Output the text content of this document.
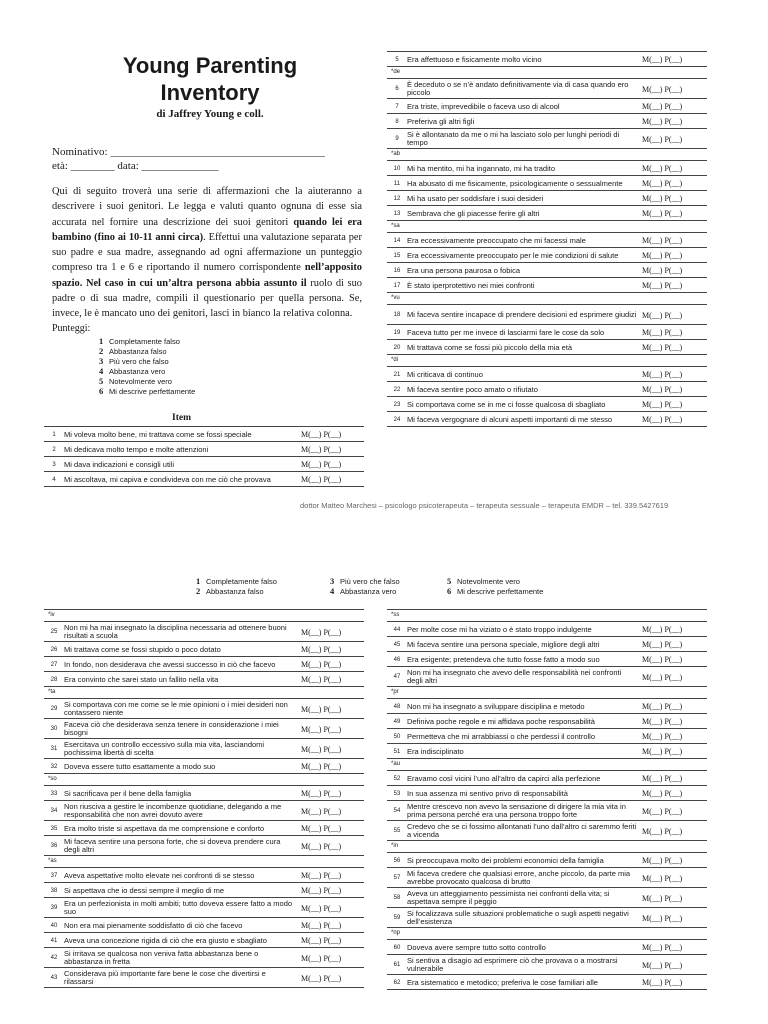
Young Parenting
Inventory
di Jaffrey Young e coll.
Nominativo: _______________________________________
età: ________ data: ______________
Qui di seguito troverà una serie di affermazioni che la aiuteranno a descrivere i suoi genitori. Le legga e valuti quanto ognuna di esse sia accurata nel fornire una descrizione dei suoi genitori quando lei era bambino (fino ai 10-11 anni circa). Effettui una valutazione separata per suo padre e sua madre, assegnando ad ogni affermazione un punteggio compreso tra 1 e 6 e riportando il numero corrispondente nell’apposito spazio. Nel caso in cui un’altra persona abbia assunto il ruolo di suo padre o di sua madre, compili il questionario per quella persona. Se, invece, le è mancato uno dei genitori, lasci in bianco la relativa colonna.
Punteggi:
1 Completamente falso
2 Abbastanza falso
3 Più vero che falso
4 Abbastanza vero
5 Notevolmente vero
6 Mi descrive perfettamente
Item
1	Mi voleva molto bene, mi trattava come se fossi speciale	M(__) P(__)
2	Mi dedicava molto tempo e molte attenzioni	M(__) P(__)
3	Mi dava indicazioni e consigli utili	M(__) P(__)
4	Mi ascoltava, mi capiva e condivideva con me ciò che provava	M(__) P(__)
5	Era affettuoso e fisicamente molto vicino	M(__) P(__)
*de
6	È deceduto o se n’è andato definitivamente via di casa quando ero piccolo	M(__) P(__)
7	Era triste, imprevedibile o faceva uso di alcool	M(__) P(__)
8	Preferiva gli altri figli	M(__) P(__)
9	Si è allontanato da me o mi ha lasciato solo per lunghi periodi di tempo	M(__) P(__)
*ab
10 Mi ha mentito, mi ha ingannato, mi ha tradito	M(__) P(__)
11 Ha abusato di me fisicamente, psicologicamente o sessualmente	M(__) P(__)
12 Mi ha usato per soddisfare i suoi desideri	M(__) P(__)
13 Sembrava che gli piacesse ferire gli altri	M(__) P(__)
*sa
14 Era eccessivamente preoccupato che mi facessi male	M(__) P(__)
15 Era eccessivamente preoccupato per le mie condizioni di salute	M(__) P(__)
16 Era una persona paurosa o fobica	M(__) P(__)
17 È stato iperprotettivo nei miei confronti	M(__) P(__)
*vu
18 Mi faceva sentire incapace di prendere decisioni ed esprimere giudizi M(__) P(__)
19 Faceva tutto per me invece di lasciarmi fare le cose da solo	M(__) P(__)
20 Mi trattava come se fossi più piccolo della mia età	M(__) P(__)
*di
21 Mi criticava di continuo	M(__) P(__)
22 Mi faceva sentire poco amato o rifiutato	M(__) P(__)
23 Si comportava come se in me ci fosse qualcosa di sbagliato	M(__) P(__)
24 Mi faceva vergognare di alcuni aspetti importanti di me stesso	M(__) P(__)
dottor Matteo Marchesi – psicologo psicoterapeuta – terapeuta sessuale – terapeuta EMDR – tel. 339.5427619
1 Completamente falso
2 Abbastanza falso
3 Più vero che falso
4 Abbastanza vero
5 Notevolmente vero
6 Mi descrive perfettamente
*iv
25 Non mi ha mai insegnato la disciplina necessaria ad ottenere buoni risultati a scuola	M(__) P(__)
26 Mi trattava come se fossi stupido o poco dotato	M(__) P(__)
27 In fondo, non desiderava che avessi successo in ciò che facevo	M(__) P(__)
28 Era convinto che sarei stato un fallito nella vita	M(__) P(__)
*ta
29 Si comportava con me come se le mie opinioni o i miei desideri non contassero niente	M(__) P(__)
30 Faceva ciò che desiderava senza tenere in considerazione i miei bisogni	M(__) P(__)
31 Esercitava un controllo eccessivo sulla mia vita, lasciandomi pochissima libertà di scelta	M(__) P(__)
32 Doveva essere tutto esattamente a modo suo	M(__) P(__)
*so
33 Si sacrificava per il bene della famiglia	M(__) P(__)
34 Non riusciva a gestire le incombenze quotidiane, delegando a me responsabilità che non avrei dovuto avere	M(__) P(__)
35 Era molto triste si aspettava da me comprensione e conforto	M(__) P(__)
36 Mi faceva sentire una persona forte, che si doveva prendere cura degli altri	M(__) P(__)
*as
37 Aveva aspettative molto elevate nei confronti di se stesso	M(__) P(__)
38 Si aspettava che io dessi sempre il meglio di me	M(__) P(__)
39 Era un perfezionista in molti ambiti; tutto doveva essere fatto a modo suo	M(__) P(__)
40 Non era mai pienamente soddisfatto di ciò che facevo	M(__) P(__)
41 Aveva una concezione rigida di ciò che era giusto e sbagliato	M(__) P(__)
42 Si irritava se qualcosa non veniva fatta abbastanza bene o abbastanza in fretta	M(__) P(__)
43 Considerava più importante fare bene le cose che divertirsi e rilassarsi	M(__) P(__)
*ss
44 Per molte cose mi ha viziato o è stato troppo indulgente	M(__) P(__)
45 Mi faceva sentire una persona speciale, migliore degli altri	M(__) P(__)
46 Era esigente; pretendeva che tutto fosse fatto a modo suo	M(__) P(__)
47 Non mi ha insegnato che avevo delle responsabilità nei confronti degli altri	M(__) P(__)
*pr
48 Non mi ha insegnato a sviluppare disciplina e metodo	M(__) P(__)
49 Definiva poche regole e mi affidava poche responsabilità	M(__) P(__)
50 Permetteva che mi arrabbiassi o che perdessi il controllo	M(__) P(__)
51 Era indisciplinato	M(__) P(__)
*au
52 Eravamo così vicini l’uno all’altro da capirci alla perfezione	M(__) P(__)
53 In sua assenza mi sentivo privo di responsabilità	M(__) P(__)
54 Mentre crescevo non avevo la sensazione di dirigere la mia vita in prima persona perché era una persona troppo forte	M(__) P(__)
55 Credevo che se ci fossimo allontanati l’uno dall’altro ci saremmo feriti a vicenda	M(__) P(__)
*in
56 Si preoccupava molto dei problemi economici della famiglia	M(__) P(__)
57 Mi faceva credere che qualsiasi errore, anche piccolo, da parte mia avrebbe provocato qualcosa di brutto	M(__) P(__)
58 Aveva un atteggiamento pessimista nei confronti della vita; si aspettava sempre il peggio	M(__) P(__)
59 Si focalizzava sulle situazioni problematiche o sugli aspetti negativi dell’esistenza	M(__) P(__)
*np
60 Doveva avere sempre tutto sotto controllo	M(__) P(__)
61 Si sentiva a disagio ad esprimere ciò che provava o a mostrarsi vulnerabile	M(__) P(__)
62 Era sistematico e metodico; preferiva le cose familiari alle	M(__) P(__)
